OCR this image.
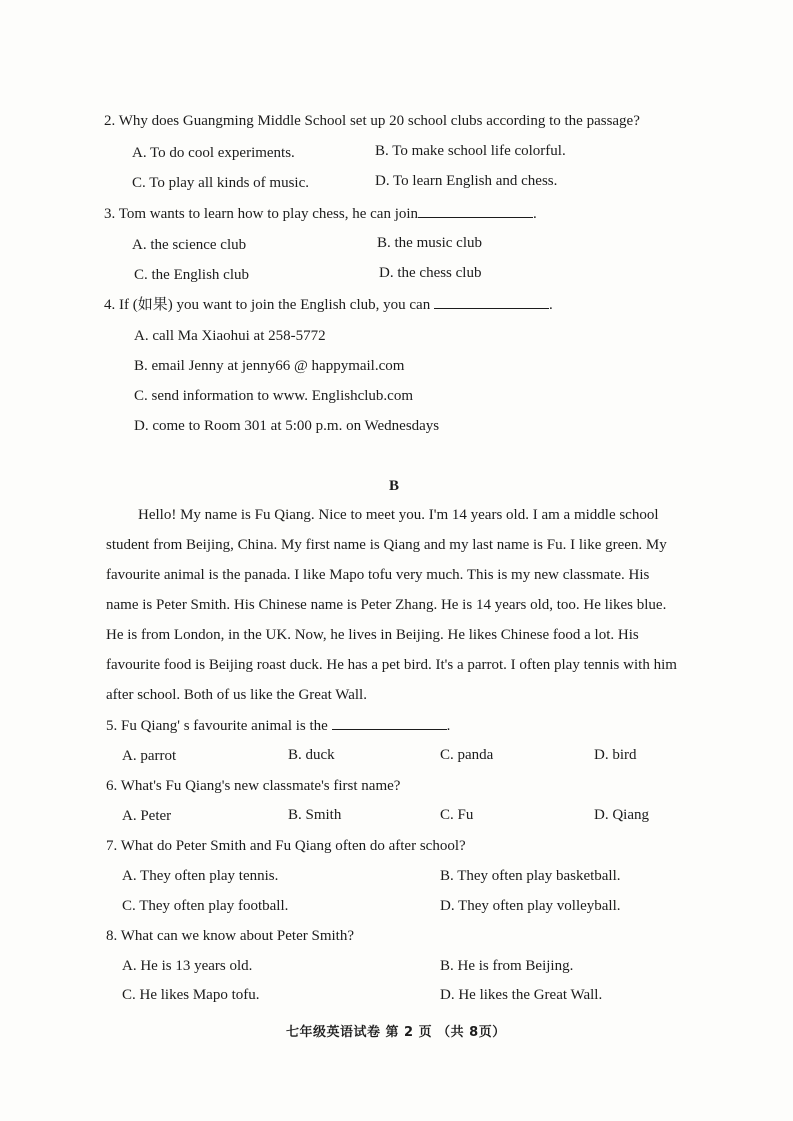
2. Why does Guangming Middle School set up 20 school clubs according to the passage?
A. To do cool experiments.	B. To make school life colorful.
C. To play all kinds of music.	D. To learn English and chess.
3. Tom wants to learn how to play chess, he can join	.
A. the science club	B. the music club
C. the English club	D. the chess club
4. If (如果) you want to join the English club, you can	.
A. call Ma Xiaohui at 258-5772
B. email Jenny at jenny66 @ happymail.com
C. send information to www. Englishclub.com
D. come to Room 301 at 5:00 p.m. on Wednesdays
B
Hello! My name is Fu Qiang. Nice to meet you. I'm 14 years old. I am a middle school
student from Beijing, China. My first name is Qiang and my last name is Fu. I like green. My
favourite animal is the panada. I like Mapo tofu very much. This is my new classmate. His
name is Peter Smith. His Chinese name is Peter Zhang. He is 14 years old, too. He likes blue.
He is from London, in the UK. Now, he lives in Beijing. He likes Chinese food a lot. His
favourite food is Beijing roast duck. He has a pet bird. It's a parrot. I often play tennis with him
after school. Both of us like the Great Wall.
5. Fu Qiang' s favourite animal is the	.
A. parrot	B. duck	C. panda	D. bird
6. What's Fu Qiang's new classmate's first name?
A. Peter	B. Smith	C. Fu	D. Qiang
7. What do Peter Smith and Fu Qiang often do after school?
A. They often play tennis.	B. They often play basketball.
C. They often play football.	D. They often play volleyball.
8. What can we know about Peter Smith?
A. He is 13 years old.	B. He is from Beijing.
C. He likes Mapo tofu.	D. He likes the Great Wall.
七年级英语试卷 第 2 页 （共 8页）
